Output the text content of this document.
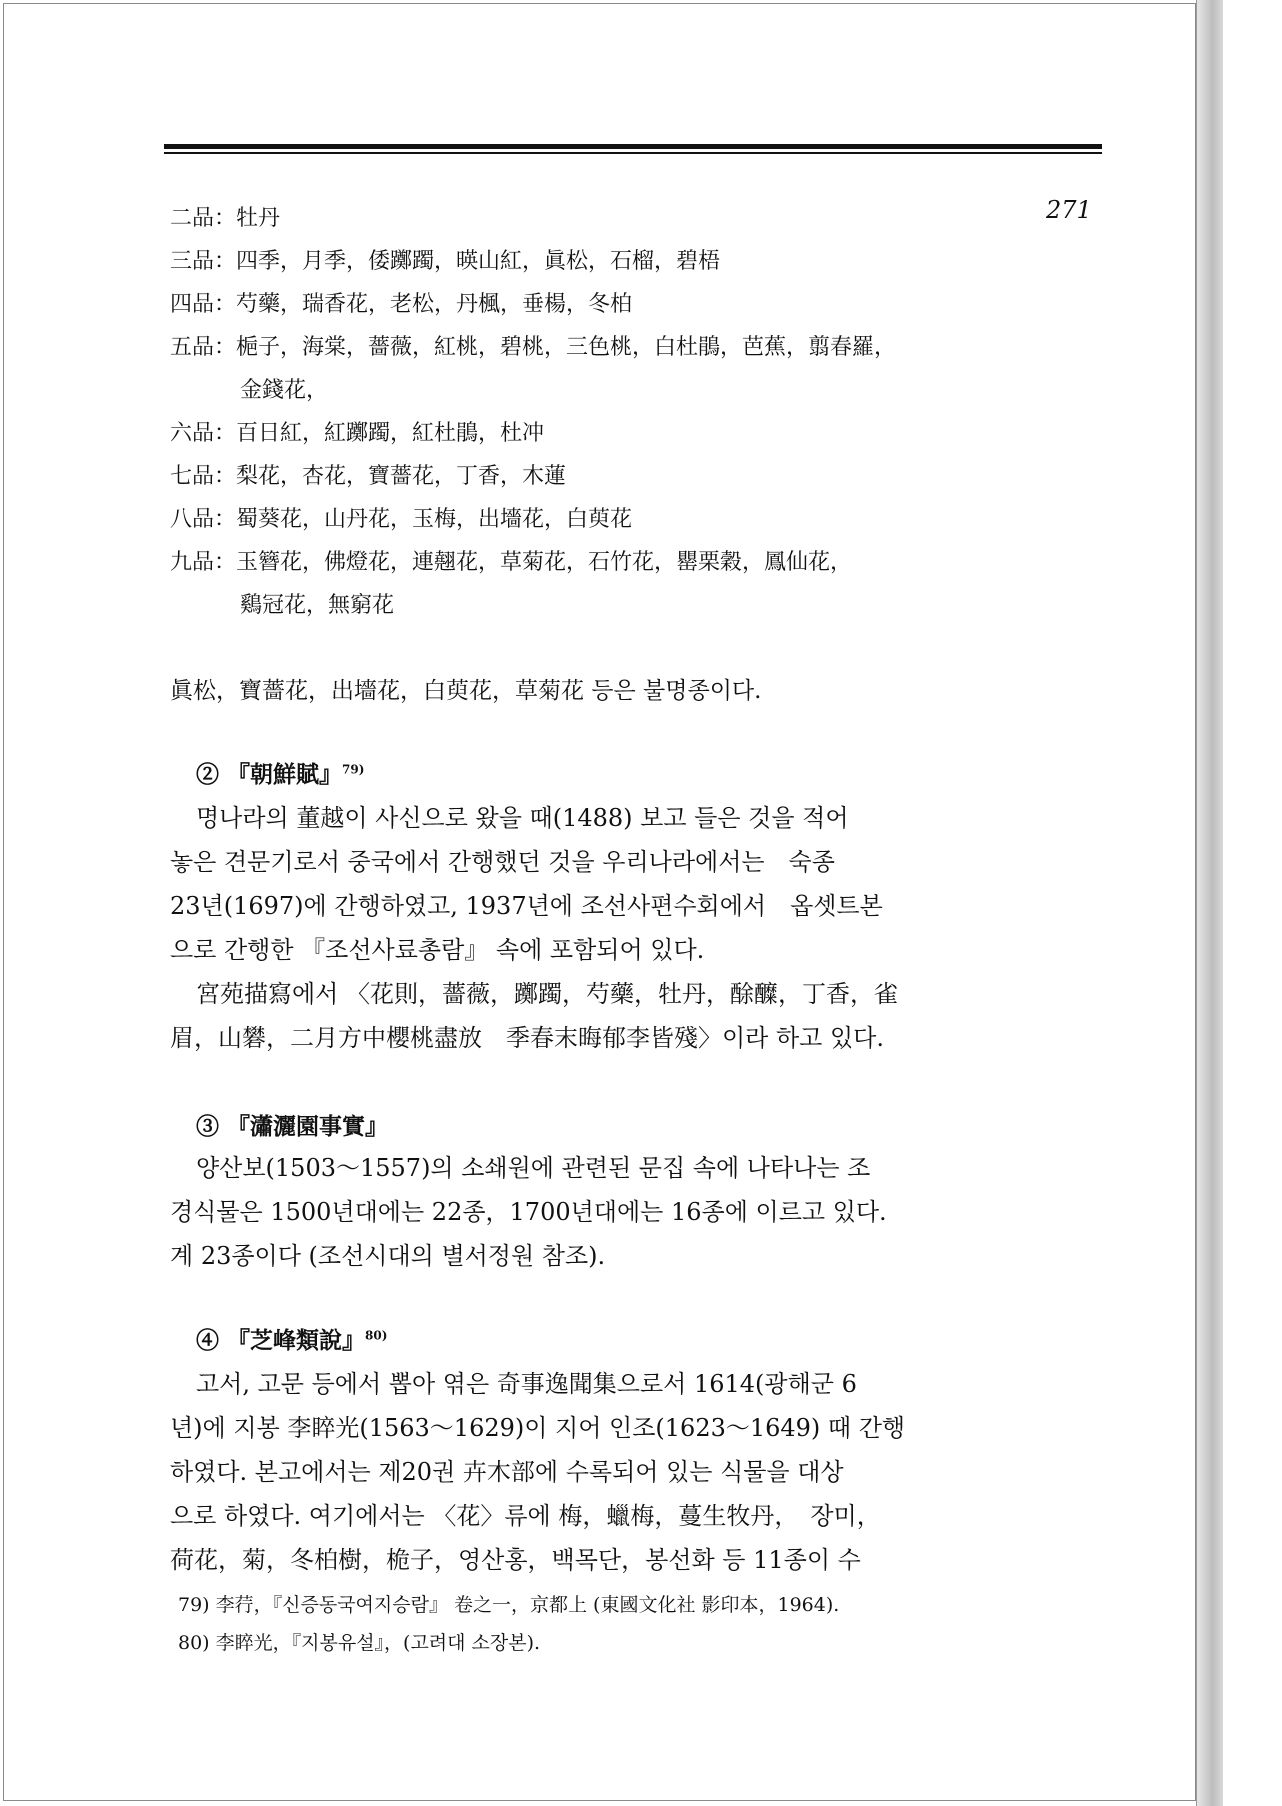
271
二品：牡丹
三品：四季，月季，倭躑躅，暎山紅，眞松，石榴，碧梧
四品：芍藥，瑞香花，老松，丹楓，垂楊，冬柏
五品：梔子，海棠，薔薇，紅桃，碧桃，三色桃，白杜鵑，芭蕉，翦春羅，
金錢花，
六品：百日紅，紅躑躅，紅杜鵑，杜冲
七品：梨花，杏花，寶薔花，丁香，木蓮
八品：蜀葵花，山丹花，玉梅，出墻花，白萸花
九品：玉簪花，佛燈花，連翹花，草菊花，石竹花，罌栗穀，鳳仙花，
鷄冠花，無窮花
眞松，寶薔花，出墻花，白萸花，草菊花 등은 불명종이다.
② 『朝鮮賦』$^{79)}$
명나라의 董越이 사신으로 왔을 때(1488) 보고 들은 것을 적어
놓은 견문기로서 중국에서 간행했던 것을 우리나라에서는　숙종
23년(1697)에 간행하였고, 1937년에 조선사편수회에서　옵셋트본
으로 간행한 『조선사료총람』 속에 포함되어 있다.
宮苑描寫에서 〈花則，薔薇，躑躅，芍藥，牡丹，酴醾，丁香，雀
眉，山礬，二月方中櫻桃盡放　季春末晦郁李皆殘〉이라 하고 있다.
③ 『瀟灑園事實』
양산보(1503～1557)의 소쇄원에 관련된 문집 속에 나타나는 조
경식물은 1500년대에는 22종，1700년대에는 16종에 이르고 있다.
계 23종이다 (조선시대의 별서정원 참조).
④ 『芝峰類說』$^{80)}$
고서, 고문 등에서 뽑아 엮은 奇事逸聞集으로서 1614(광해군 6
년)에 지봉 李睟光(1563～1629)이 지어 인조(1623～1649) 때 간행
하였다. 본고에서는 제20권 卉木部에 수록되어 있는 식물을 대상
으로 하였다. 여기에서는 〈花〉류에 梅，蠟梅，蔓生牧丹，　장미，
荷花，菊，冬柏樹，桅子，영산홍，백목단，봉선화 등 11종이 수
79) 李荇，『신증동국여지승람』 卷之一，京都上 (東國文化社 影印本，1964).
80) 李睟光，『지봉유설』，(고려대 소장본).
